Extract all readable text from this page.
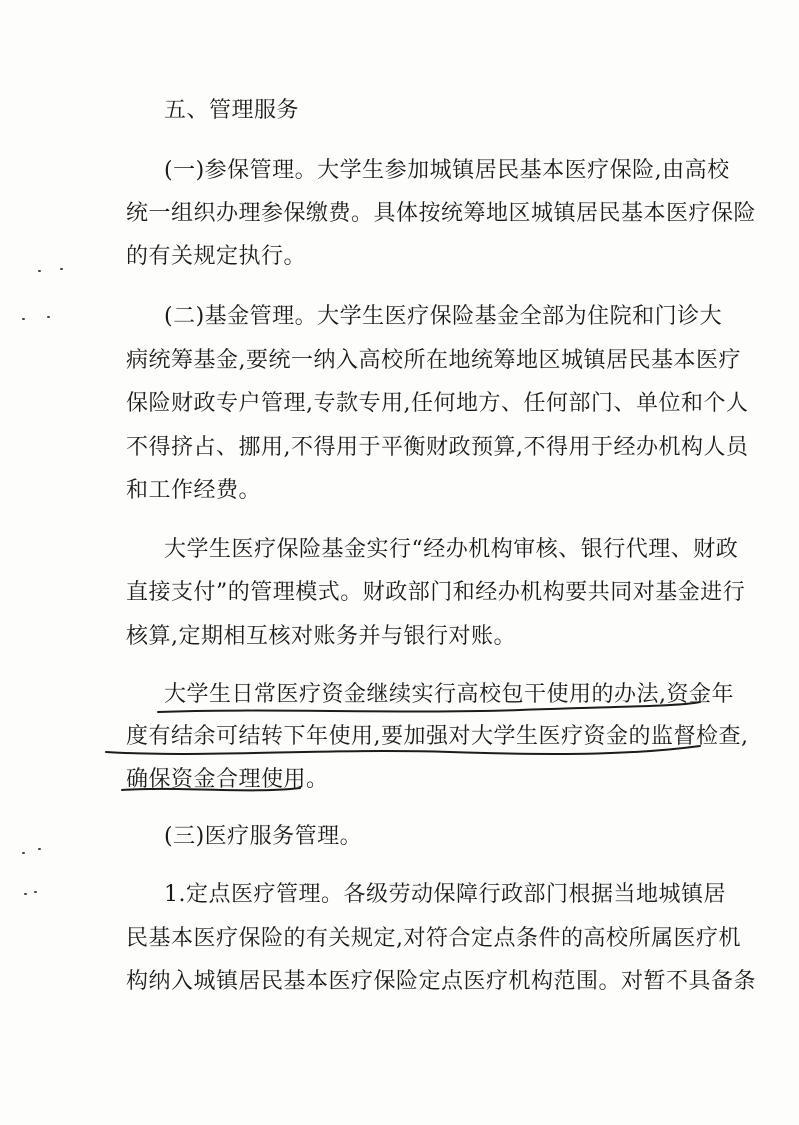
五、管理服务
(一)参保管理。大学生参加城镇居民基本医疗保险,由高校
统一组织办理参保缴费。具体按统筹地区城镇居民基本医疗保险
的有关规定执行。
(二)基金管理。大学生医疗保险基金全部为住院和门诊大
病统筹基金,要统一纳入高校所在地统筹地区城镇居民基本医疗
保险财政专户管理,专款专用,任何地方、任何部门、单位和个人
不得挤占、挪用,不得用于平衡财政预算,不得用于经办机构人员
和工作经费。
大学生医疗保险基金实行“经办机构审核、银行代理、财政
直接支付”的管理模式。财政部门和经办机构要共同对基金进行
核算,定期相互核对账务并与银行对账。
大学生日常医疗资金继续实行高校包干使用的办法,资金年
度有结余可结转下年使用,要加强对大学生医疗资金的监督检查,
确保资金合理使用。
(三)医疗服务管理。
1.定点医疗管理。各级劳动保障行政部门根据当地城镇居
民基本医疗保险的有关规定,对符合定点条件的高校所属医疗机
构纳入城镇居民基本医疗保险定点医疗机构范围。对暂不具备条
